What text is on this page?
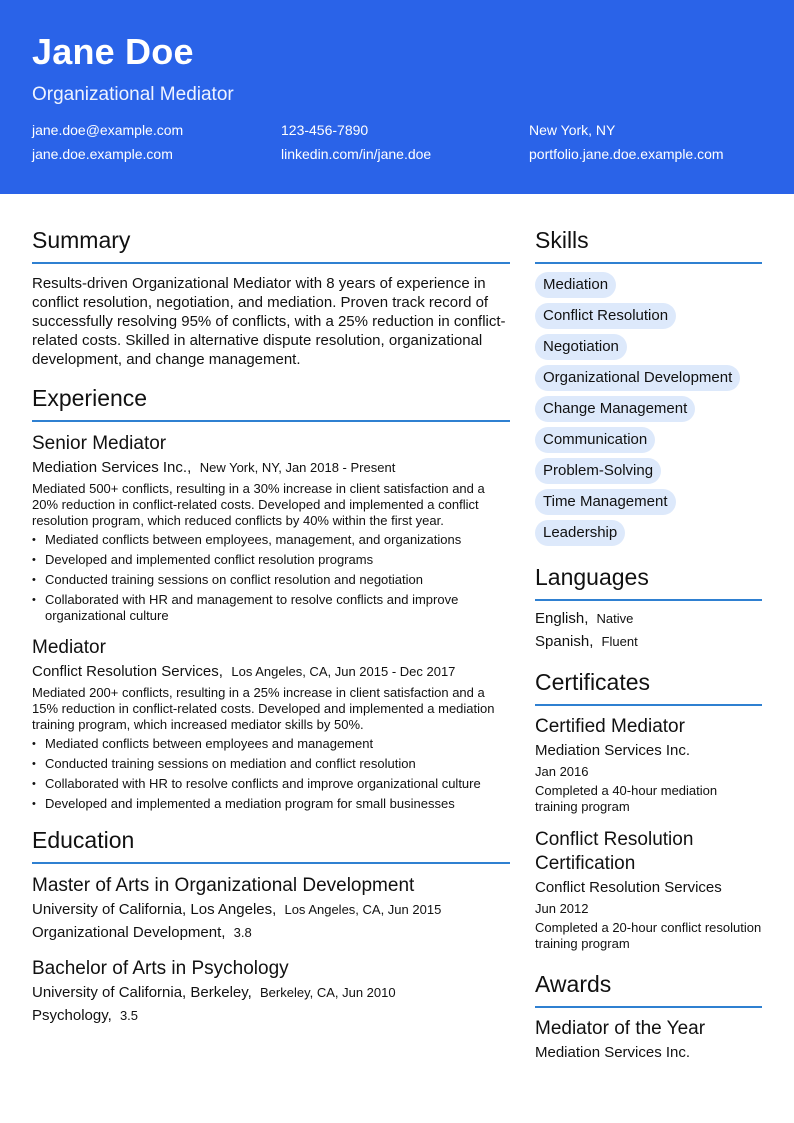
Jane Doe
Organizational Mediator
jane.doe@example.com	123-456-7890	New York, NY
jane.doe.example.com	linkedin.com/in/jane.doe	portfolio.jane.doe.example.com
Summary
Results-driven Organizational Mediator with 8 years of experience in conflict resolution, negotiation, and mediation. Proven track record of successfully resolving 95% of conflicts, with a 25% reduction in conflict-related costs. Skilled in alternative dispute resolution, organizational development, and change management.
Experience
Senior Mediator
Mediation Services Inc., New York, NY, Jan 2018 - Present
Mediated 500+ conflicts, resulting in a 30% increase in client satisfaction and a 20% reduction in conflict-related costs. Developed and implemented a conflict resolution program, which reduced conflicts by 40% within the first year.
• Mediated conflicts between employees, management, and organizations
• Developed and implemented conflict resolution programs
• Conducted training sessions on conflict resolution and negotiation
• Collaborated with HR and management to resolve conflicts and improve organizational culture
Mediator
Conflict Resolution Services, Los Angeles, CA, Jun 2015 - Dec 2017
Mediated 200+ conflicts, resulting in a 25% increase in client satisfaction and a 15% reduction in conflict-related costs. Developed and implemented a mediation training program, which increased mediator skills by 50%.
• Mediated conflicts between employees and management
• Conducted training sessions on mediation and conflict resolution
• Collaborated with HR to resolve conflicts and improve organizational culture
• Developed and implemented a mediation program for small businesses
Education
Master of Arts in Organizational Development
University of California, Los Angeles, Los Angeles, CA, Jun 2015
Organizational Development, 3.8
Bachelor of Arts in Psychology
University of California, Berkeley, Berkeley, CA, Jun 2010
Psychology, 3.5
Skills
Mediation
Conflict Resolution
Negotiation
Organizational Development
Change Management
Communication
Problem-Solving
Time Management
Leadership
Languages
English, Native
Spanish, Fluent
Certificates
Certified Mediator
Mediation Services Inc.
Jan 2016
Completed a 40-hour mediation training program
Conflict Resolution Certification
Conflict Resolution Services
Jun 2012
Completed a 20-hour conflict resolution training program
Awards
Mediator of the Year
Mediation Services Inc.
